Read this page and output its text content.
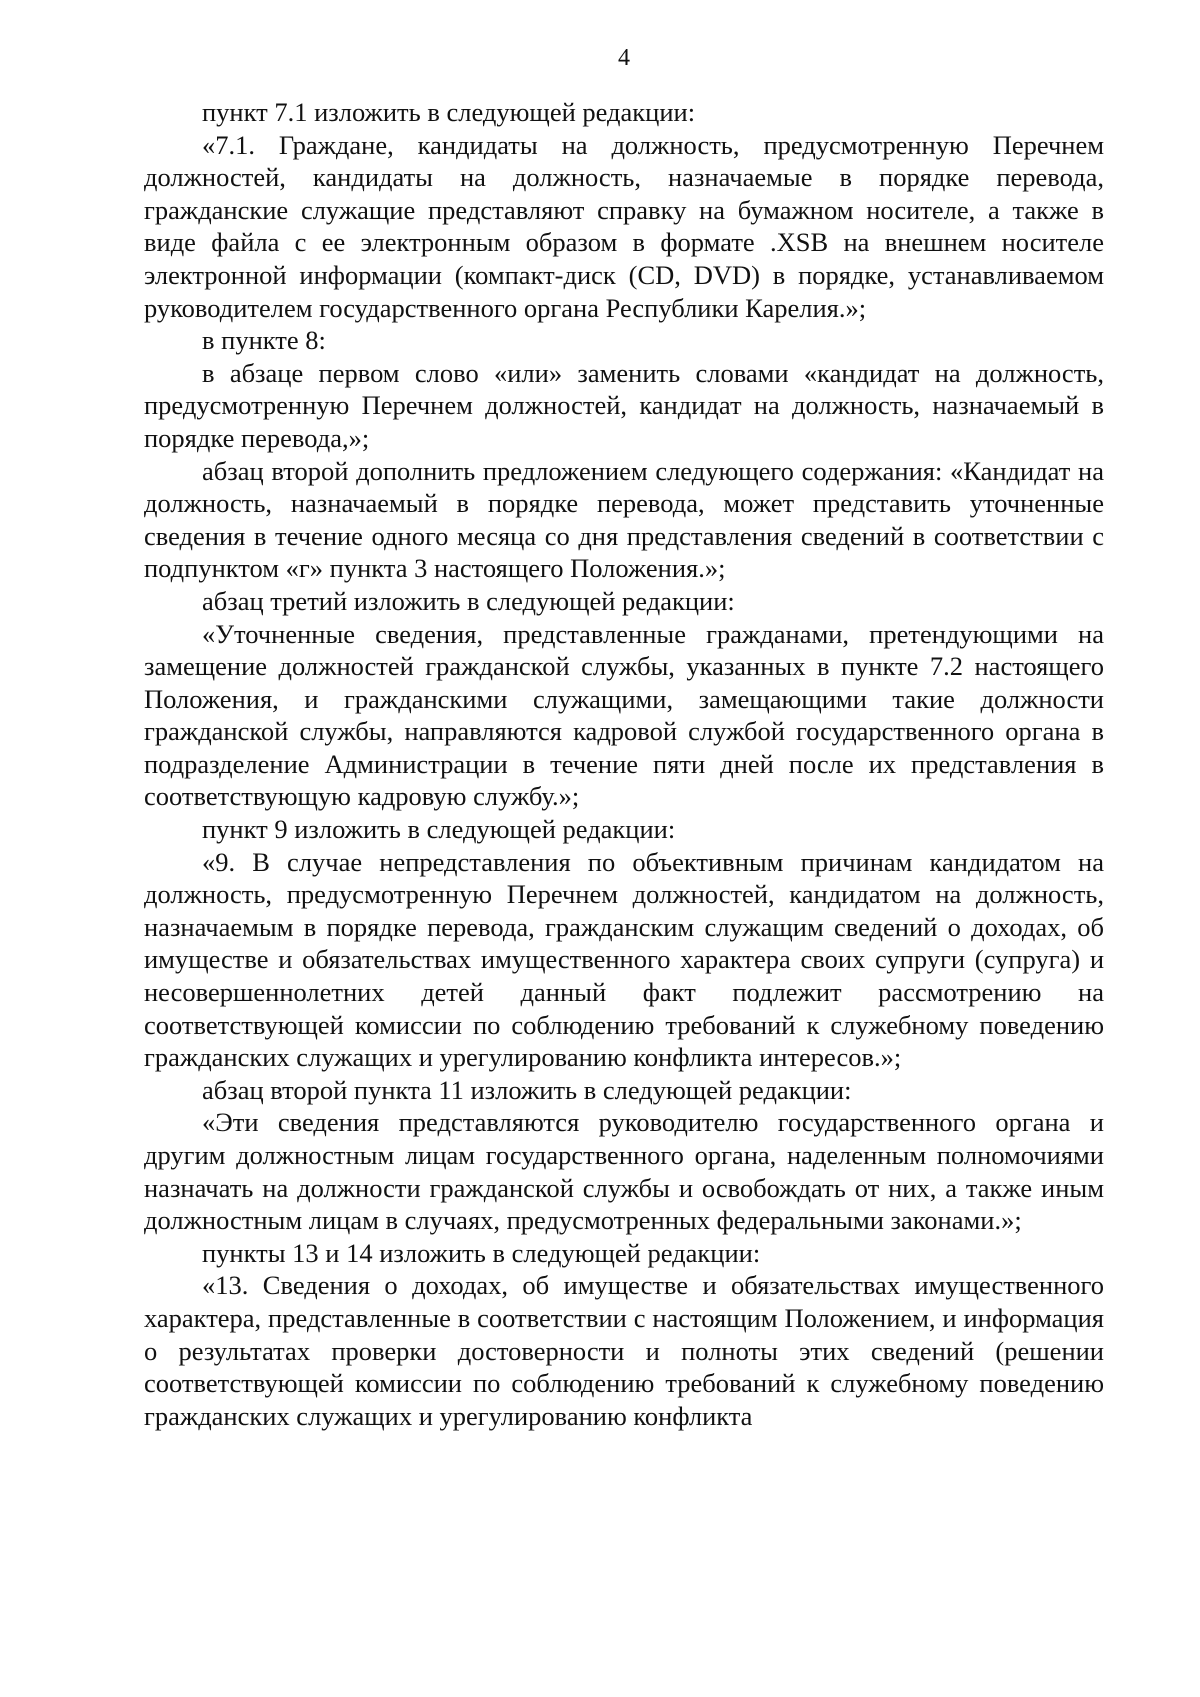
4

пункт 7.1 изложить в следующей редакции:

«7.1. Граждане, кандидаты на должность, предусмотренную Перечнем должностей, кандидаты на должность, назначаемые в порядке перевода, гражданские служащие представляют справку на бумажном носителе, а также в виде файла с ее электронным образом в формате .XSB на внешнем носителе электронной информации (компакт-диск (CD, DVD) в порядке, устанавливаемом руководителем государственного органа Республики Карелия.»;

в пункте 8:

в абзаце первом слово «или» заменить словами «кандидат на должность, предусмотренную Перечнем должностей, кандидат на должность, назначаемый в порядке перевода,»;

абзац второй дополнить предложением следующего содержания: «Кандидат на должность, назначаемый в порядке перевода, может представить уточненные сведения в течение одного месяца со дня представления сведений в соответствии с подпунктом «г» пункта 3 настоящего Положения.»;

абзац третий изложить в следующей редакции:

«Уточненные сведения, представленные гражданами, претендующими на замещение должностей гражданской службы, указанных в пункте 7.2 настоящего Положения, и гражданскими служащими, замещающими такие должности гражданской службы, направляются кадровой службой государственного органа в подразделение Администрации в течение пяти дней после их представления в соответствующую кадровую службу.»;

пункт 9 изложить в следующей редакции:

«9. В случае непредставления по объективным причинам кандидатом на должность, предусмотренную Перечнем должностей, кандидатом на должность, назначаемым в порядке перевода, гражданским служащим сведений о доходах, об имуществе и обязательствах имущественного характера своих супруги (супруга) и несовершеннолетних детей данный факт подлежит рассмотрению на соответствующей комиссии по соблюдению требований к служебному поведению гражданских служащих и урегулированию конфликта интересов.»;

абзац второй пункта 11 изложить в следующей редакции:

«Эти сведения представляются руководителю государственного органа и другим должностным лицам государственного органа, наделенным полномочиями назначать на должности гражданской службы и освобождать от них, а также иным должностным лицам в случаях, предусмотренных федеральными законами.»;

пункты 13 и 14 изложить в следующей редакции:

«13. Сведения о доходах, об имуществе и обязательствах имущественного характера, представленные в соответствии с настоящим Положением, и информация о результатах проверки достоверности и полноты этих сведений (решении соответствующей комиссии по соблюдению требований к служебному поведению гражданских служащих и урегулированию конфликта
